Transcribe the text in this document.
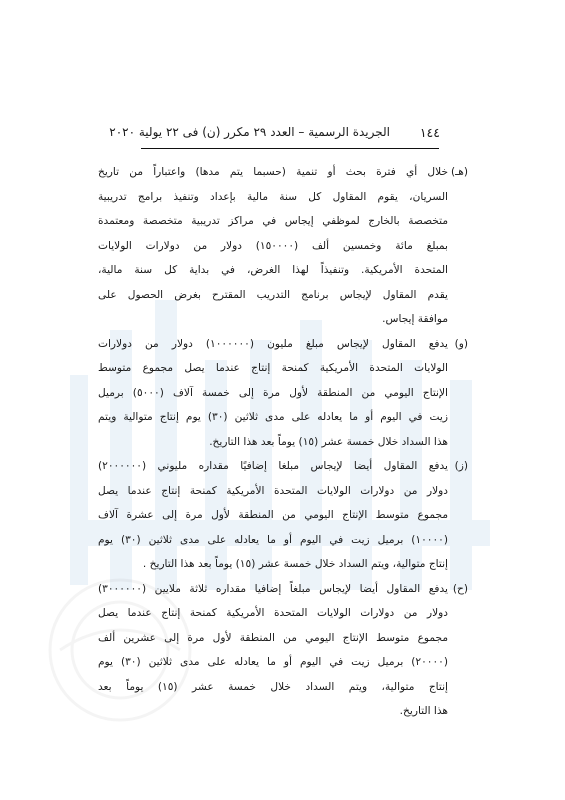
١٤٤
الجريدة الرسمية – العدد ٢٩ مكرر (ن) فى ٢٢ يولية ٢٠٢٠
(هـ)
خلال أي فترة بحث أو تنمية (حسبما يتم مدها) واعتباراً من تاريخ
السريان، يقوم المقاول كل سنة مالية بإعداد وتنفيذ برامج تدريبية
متخصصة بالخارج لموظفي إيجاس في مراكز تدريبية متخصصة ومعتمدة
بمبلغ مائة وخمسين ألف (١٥٠٠٠٠) دولار من دولارات الولايات
المتحدة الأمريكية. وتنفيذاً لهذا الغرض، في بداية كل سنة مالية،
يقدم المقاول لإيجاس برنامج التدريب المقترح بغرض الحصول على
موافقة إيجاس.
(و)
يدفع المقاول لإيجاس مبلغ مليون (١٠٠٠٠٠٠) دولار من دولارات
الولايات المتحدة الأمريكية كمنحة إنتاج عندما يصل مجموع متوسط
الإنتاج اليومي من المنطقة لأول مرة إلى خمسة آلاف (٥٠٠٠) برميل
زيت في اليوم أو ما يعادله على مدى ثلاثين (٣٠) يوم إنتاج متوالية ويتم
هذا السداد خلال خمسة عشر (١٥) يوماً بعد هذا التاريخ.
(ز)
يدفع المقاول أيضا لإيجاس مبلغا إضافيًا مقداره مليوني (٢٠٠٠٠٠٠)
دولار من دولارات الولايات المتحدة الأمريكية كمنحة إنتاج عندما يصل
مجموع متوسط الإنتاج اليومي من المنطقة لأول مرة إلى عشرة آلاف
(١٠٠٠٠) برميل زيت في اليوم أو ما يعادله على مدى ثلاثين (٣٠) يوم
إنتاج متوالية، ويتم السداد خلال خمسة عشر (١٥) يوماً بعد هذا التاريخ .
(ح)
يدفع المقاول أيضا لإيجاس مبلغاً إضافيا مقداره ثلاثة ملايين (٣٠٠٠٠٠٠)
دولار من دولارات الولايات المتحدة الأمريكية كمنحة إنتاج عندما يصل
مجموع متوسط الإنتاج اليومي من المنطقة لأول مرة إلى عشرين ألف
(٢٠٠٠٠) برميل زيت في اليوم أو ما يعادله على مدى ثلاثين (٣٠) يوم
إنتاج متوالية، ويتم السداد خلال خمسة عشر (١٥) يوماً بعد
هذا التاريخ.
